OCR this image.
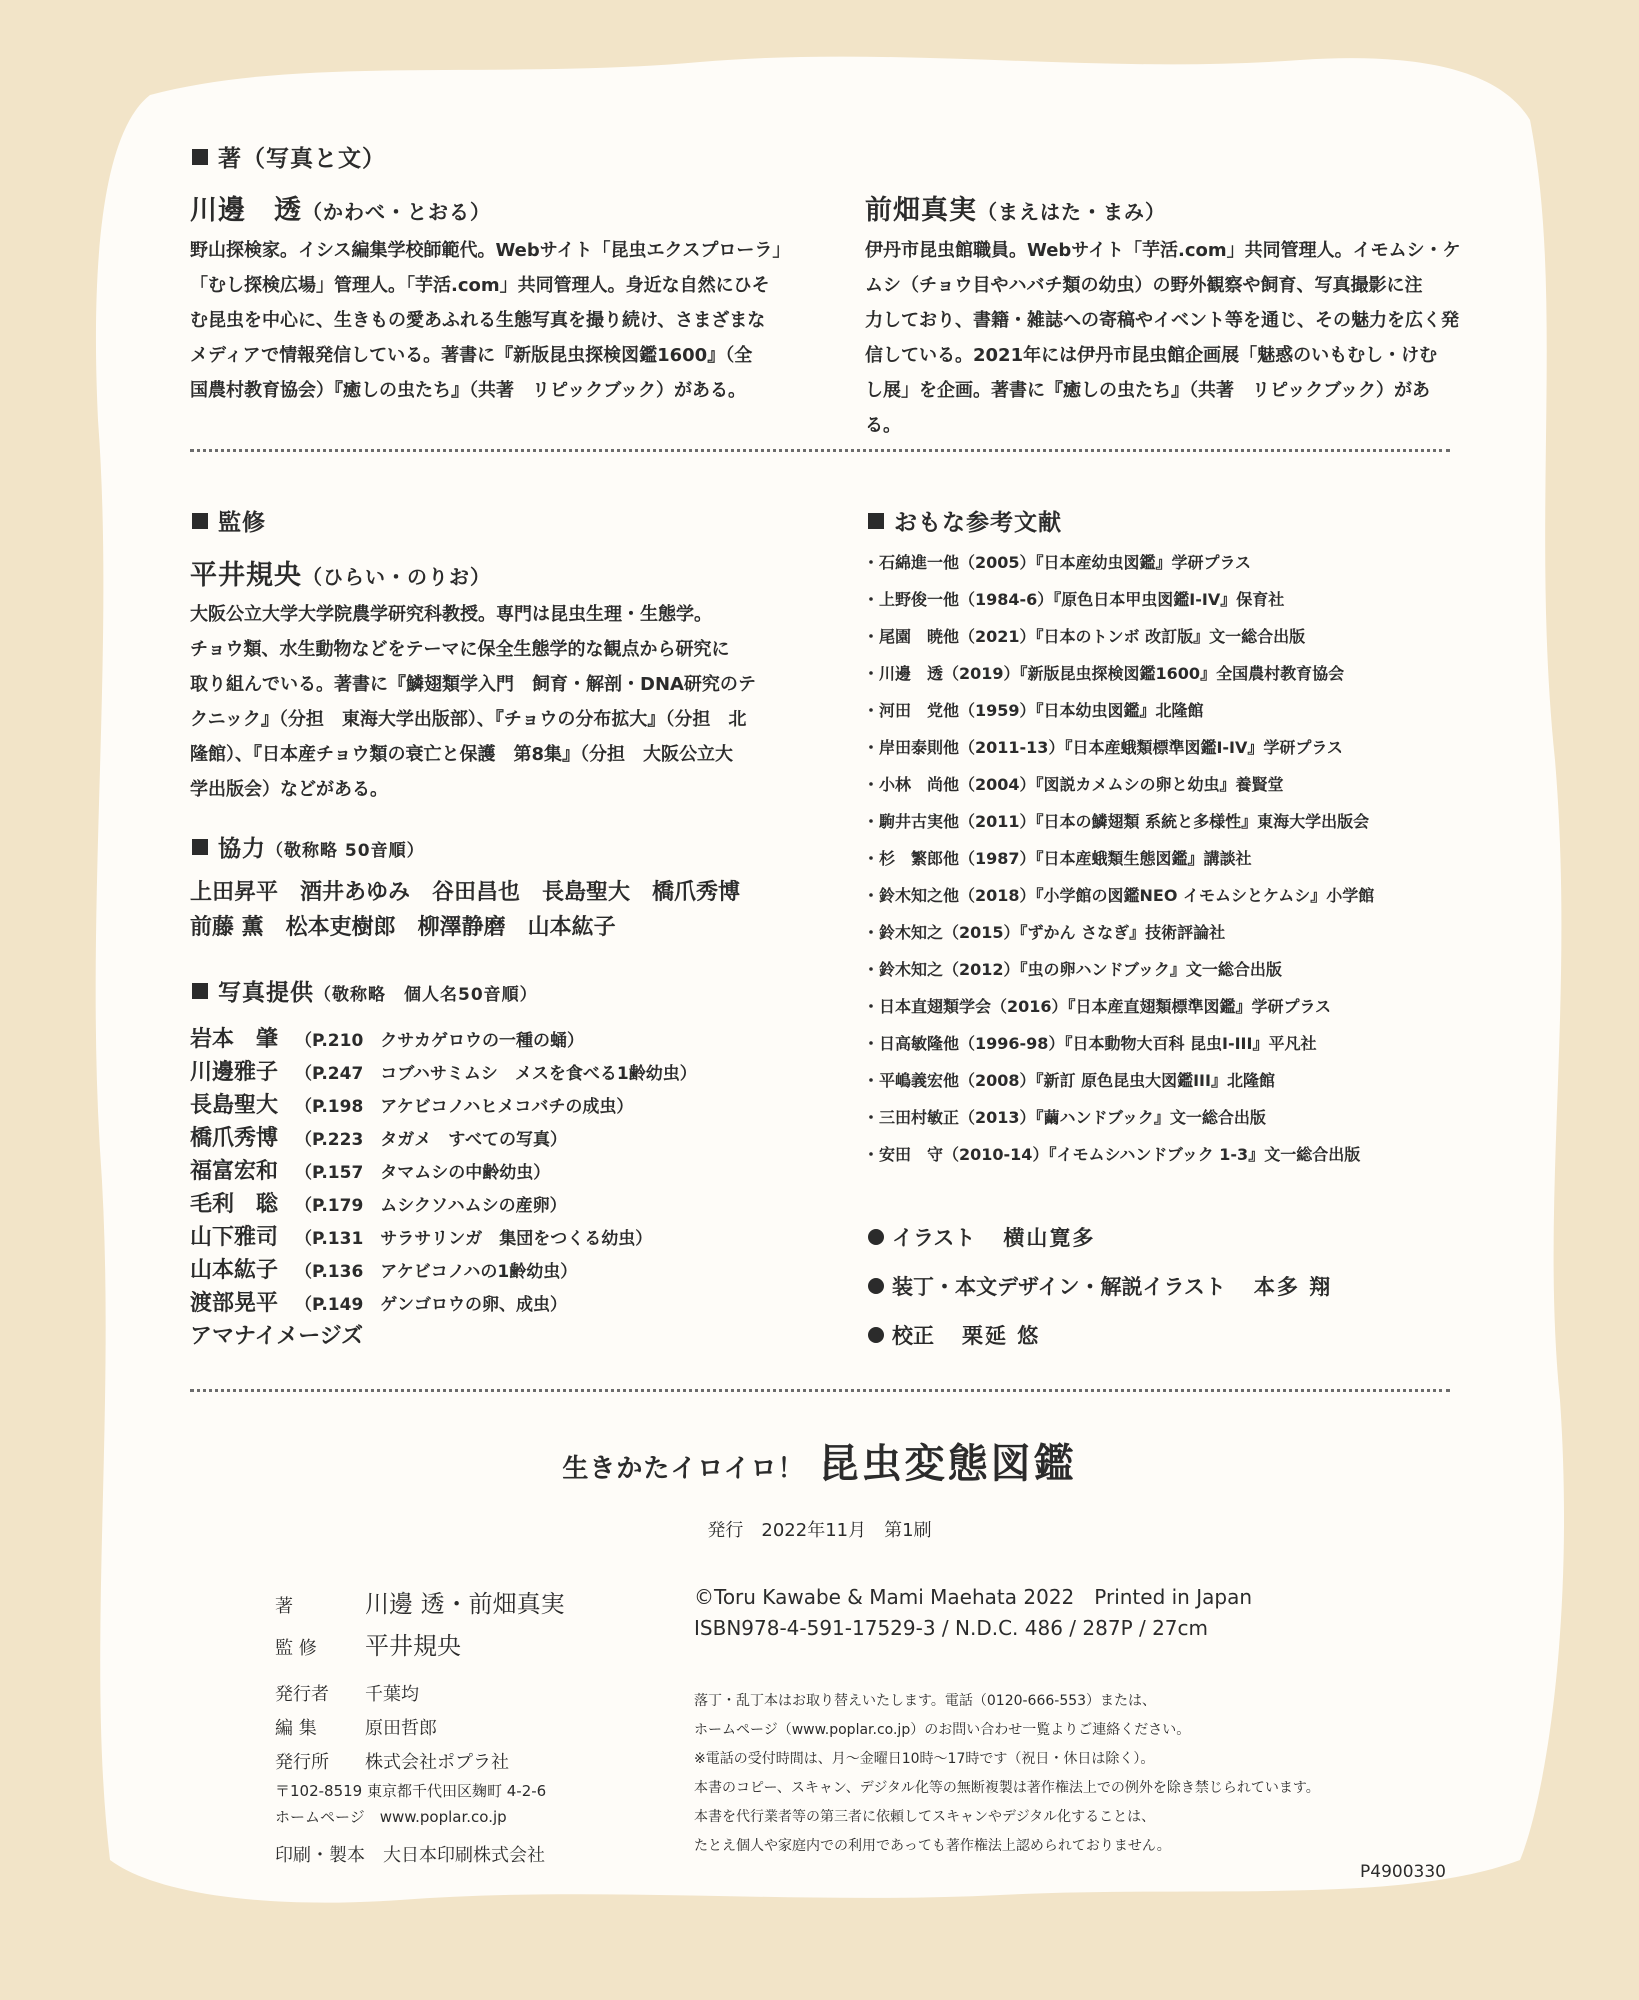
著（写真と文）
川邊　透（かわべ・とおる）
野山探検家。イシス編集学校師範代。Webサイト「昆虫エクスプローラ」
「むし探検広場」管理人。「芋活.com」共同管理人。身近な自然にひそ
む昆虫を中心に、生きもの愛あふれる生態写真を撮り続け、さまざまな
メディアで情報発信している。著書に『新版昆虫探検図鑑1600』（全
国農村教育協会）『癒しの虫たち』（共著　リピックブック）がある。
前畑真実（まえはた・まみ）
伊丹市昆虫館職員。Webサイト「芋活.com」共同管理人。イモムシ・ケ
ムシ（チョウ目やハバチ類の幼虫）の野外観察や飼育、写真撮影に注
力しており、書籍・雑誌への寄稿やイベント等を通じ、その魅力を広く発
信している。2021年には伊丹市昆虫館企画展「魅惑のいもむし・けむ
し展」を企画。著書に『癒しの虫たち』（共著　リピックブック）がある。
監修
平井規央（ひらい・のりお）
大阪公立大学大学院農学研究科教授。専門は昆虫生理・生態学。
チョウ類、水生動物などをテーマに保全生態学的な観点から研究に
取り組んでいる。著書に『鱗翅類学入門　飼育・解剖・DNA研究のテ
クニック』（分担　東海大学出版部）、『チョウの分布拡大』（分担　北
隆館）、『日本産チョウ類の衰亡と保護　第8集』（分担　大阪公立大
学出版会）などがある。
協力（敬称略 50音順）
上田昇平　酒井あゆみ　谷田昌也　長島聖大　橋爪秀博
前藤 薫　松本吏樹郎　柳澤静磨　山本紘子
写真提供（敬称略　個人名50音順）
岩本　肇 （P.210　クサカゲロウの一種の蛹）
川邊雅子 （P.247　コブハサミムシ　メスを食べる1齢幼虫）
長島聖大 （P.198　アケビコノハヒメコバチの成虫）
橋爪秀博 （P.223　タガメ　すべての写真）
福富宏和 （P.157　タマムシの中齢幼虫）
毛利　聡 （P.179　ムシクソハムシの産卵）
山下雅司 （P.131　サラサリンガ　集団をつくる幼虫）
山本紘子 （P.136　アケビコノハの1齢幼虫）
渡部晃平 （P.149　ゲンゴロウの卵、成虫）
アマナイメージズ
おもな参考文献
・石綿進一他（2005）『日本産幼虫図鑑』学研プラス
・上野俊一他（1984-6）『原色日本甲虫図鑑I-IV』保育社
・尾園　暁他（2021）『日本のトンボ 改訂版』文一総合出版
・川邊　透（2019）『新版昆虫探検図鑑1600』全国農村教育協会
・河田　党他（1959）『日本幼虫図鑑』北隆館
・岸田泰則他（2011-13）『日本産蛾類標準図鑑I-IV』学研プラス
・小林　尚他（2004）『図説カメムシの卵と幼虫』養賢堂
・駒井古実他（2011）『日本の鱗翅類 系統と多様性』東海大学出版会
・杉　繁郎他（1987）『日本産蛾類生態図鑑』講談社
・鈴木知之他（2018）『小学館の図鑑NEO イモムシとケムシ』小学館
・鈴木知之（2015）『ずかん さなぎ』技術評論社
・鈴木知之（2012）『虫の卵ハンドブック』文一総合出版
・日本直翅類学会（2016）『日本産直翅類標準図鑑』学研プラス
・日高敏隆他（1996-98）『日本動物大百科 昆虫I-III』平凡社
・平嶋義宏他（2008）『新訂 原色昆虫大図鑑III』北隆館
・三田村敏正（2013）『繭ハンドブック』文一総合出版
・安田　守（2010-14）『イモムシハンドブック 1-3』文一総合出版
イラスト 横山寛多
装丁・本文デザイン・解説イラスト 本多 翔
校正 栗延 悠
生きかたイロイロ！ 昆虫変態図鑑
発行　2022年11月　第1刷
著	川邊 透・前畑真実
監 修 平井規央
発行者 千葉均
編 集	原田哲郎
発行所 株式会社ポプラ社
〒102-8519 東京都千代田区麹町 4-2-6
ホームページ　www.poplar.co.jp
印刷・製本　大日本印刷株式会社
©Toru Kawabe & Mami Maehata 2022　Printed in Japan
ISBN978-4-591-17529-3 / N.D.C. 486 / 287P / 27cm
落丁・乱丁本はお取り替えいたします。電話（0120-666-553）または、
ホームページ（www.poplar.co.jp）のお問い合わせ一覧よりご連絡ください。
※電話の受付時間は、月～金曜日10時～17時です（祝日・休日は除く）。
本書のコピー、スキャン、デジタル化等の無断複製は著作権法上での例外を除き禁じられています。
本書を代行業者等の第三者に依頼してスキャンやデジタル化することは、
たとえ個人や家庭内での利用であっても著作権法上認められておりません。
P4900330
